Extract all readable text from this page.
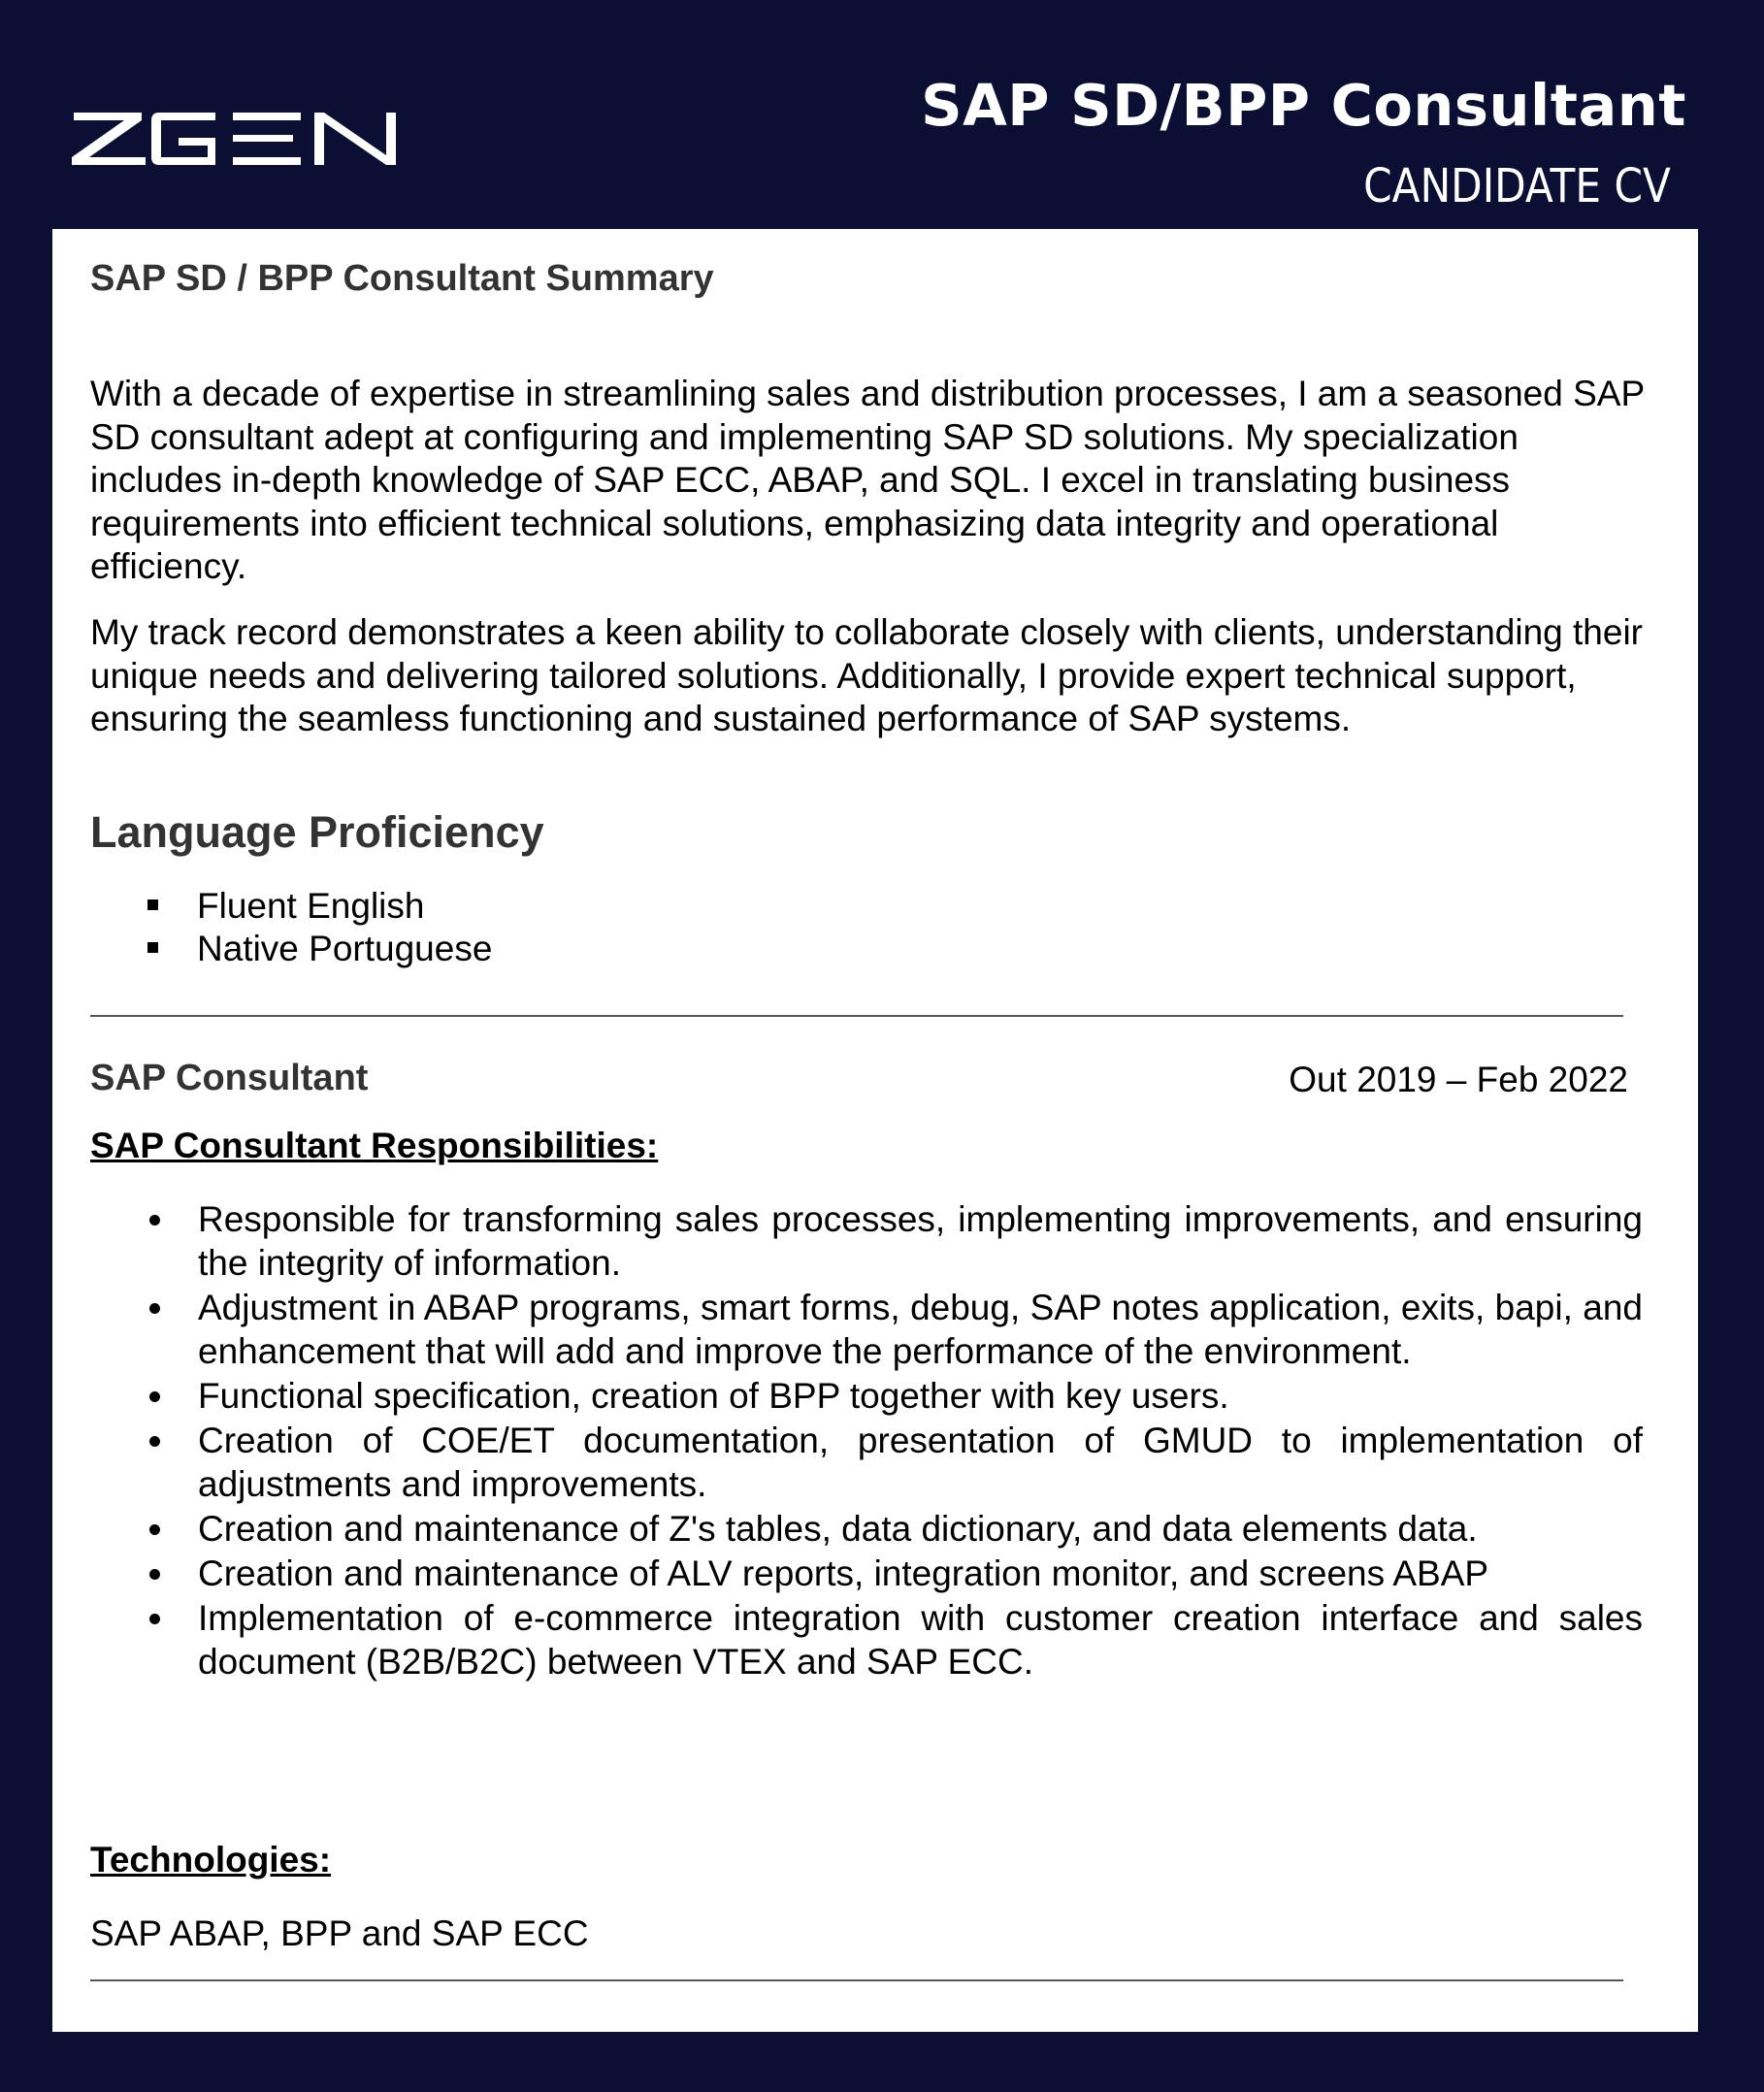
SAP SD/BPP Consultant
CANDIDATE CV
SAP SD / BPP Consultant Summary
With a decade of expertise in streamlining sales and distribution processes, I am a seasoned SAP SD consultant adept at configuring and implementing SAP SD solutions. My specialization includes in-depth knowledge of SAP ECC, ABAP, and SQL. I excel in translating business requirements into efficient technical solutions, emphasizing data integrity and operational efficiency.
My track record demonstrates a keen ability to collaborate closely with clients, understanding their unique needs and delivering tailored solutions. Additionally, I provide expert technical support, ensuring the seamless functioning and sustained performance of SAP systems.
Language Proficiency
Fluent English
Native Portuguese
SAP Consultant	Out 2019 – Feb 2022
SAP Consultant Responsibilities:
Responsible for transforming sales processes, implementing improvements, and ensuring the integrity of information.
Adjustment in ABAP programs, smart forms, debug, SAP notes application, exits, bapi, and enhancement that will add and improve the performance of the environment.
Functional specification, creation of BPP together with key users.
Creation of COE/ET documentation, presentation of GMUD to implementation of adjustments and improvements.
Creation and maintenance of Z's tables, data dictionary, and data elements data.
Creation and maintenance of ALV reports, integration monitor, and screens ABAP
Implementation of e-commerce integration with customer creation interface and sales document (B2B/B2C) between VTEX and SAP ECC.
Technologies:
SAP ABAP, BPP and SAP ECC
